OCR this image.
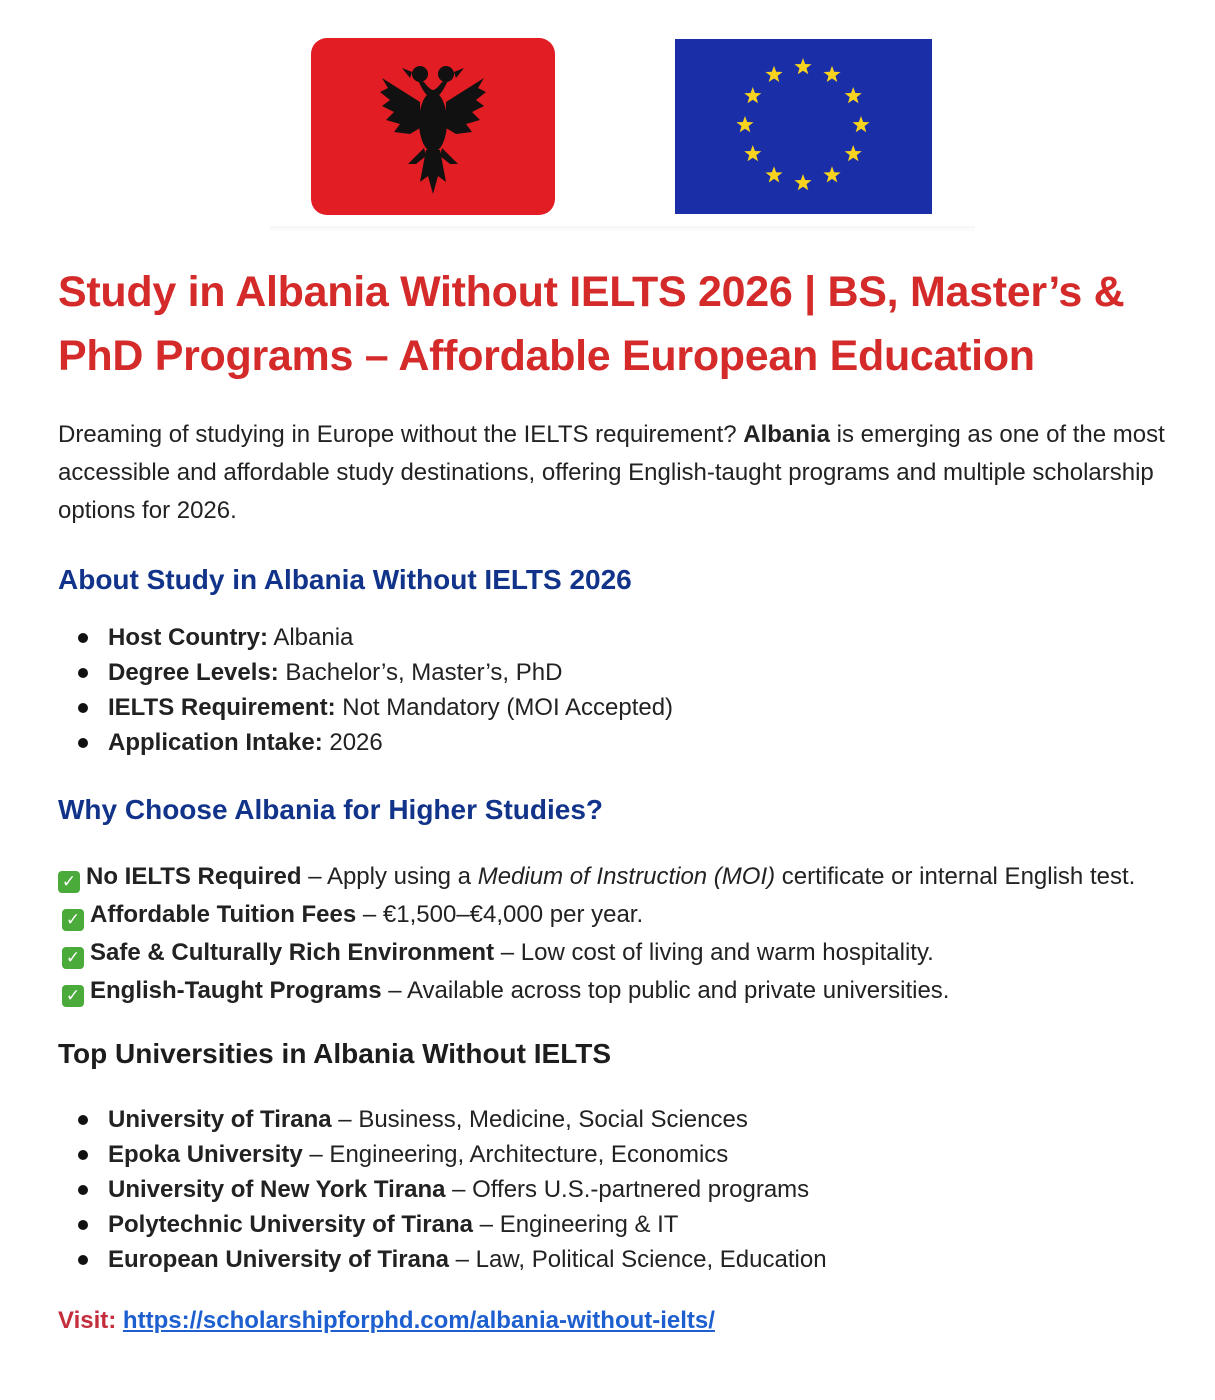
Study in Albania Without IELTS 2026 | BS, Master’s & PhD Programs – Affordable European Education

Dreaming of studying in Europe without the IELTS requirement? Albania is emerging as one of the most accessible and affordable study destinations, offering English-taught programs and multiple scholarship options for 2026.

About Study in Albania Without IELTS 2026
Host Country: Albania
Degree Levels: Bachelor’s, Master’s, PhD
IELTS Requirement: Not Mandatory (MOI Accepted)
Application Intake: 2026
Why Choose Albania for Higher Studies?
✓ No IELTS Required – Apply using a Medium of Instruction (MOI) certificate or internal English test.
✓ Affordable Tuition Fees – €1,500–€4,000 per year.
✓ Safe & Culturally Rich Environment – Low cost of living and warm hospitality.
✓ English-Taught Programs – Available across top public and private universities.
Top Universities in Albania Without IELTS
University of Tirana – Business, Medicine, Social Sciences
Epoka University – Engineering, Architecture, Economics
University of New York Tirana – Offers U.S.-partnered programs
Polytechnic University of Tirana – Engineering & IT
European University of Tirana – Law, Political Science, Education

Visit: https://scholarshipforphd.com/albania-without-ielts/
